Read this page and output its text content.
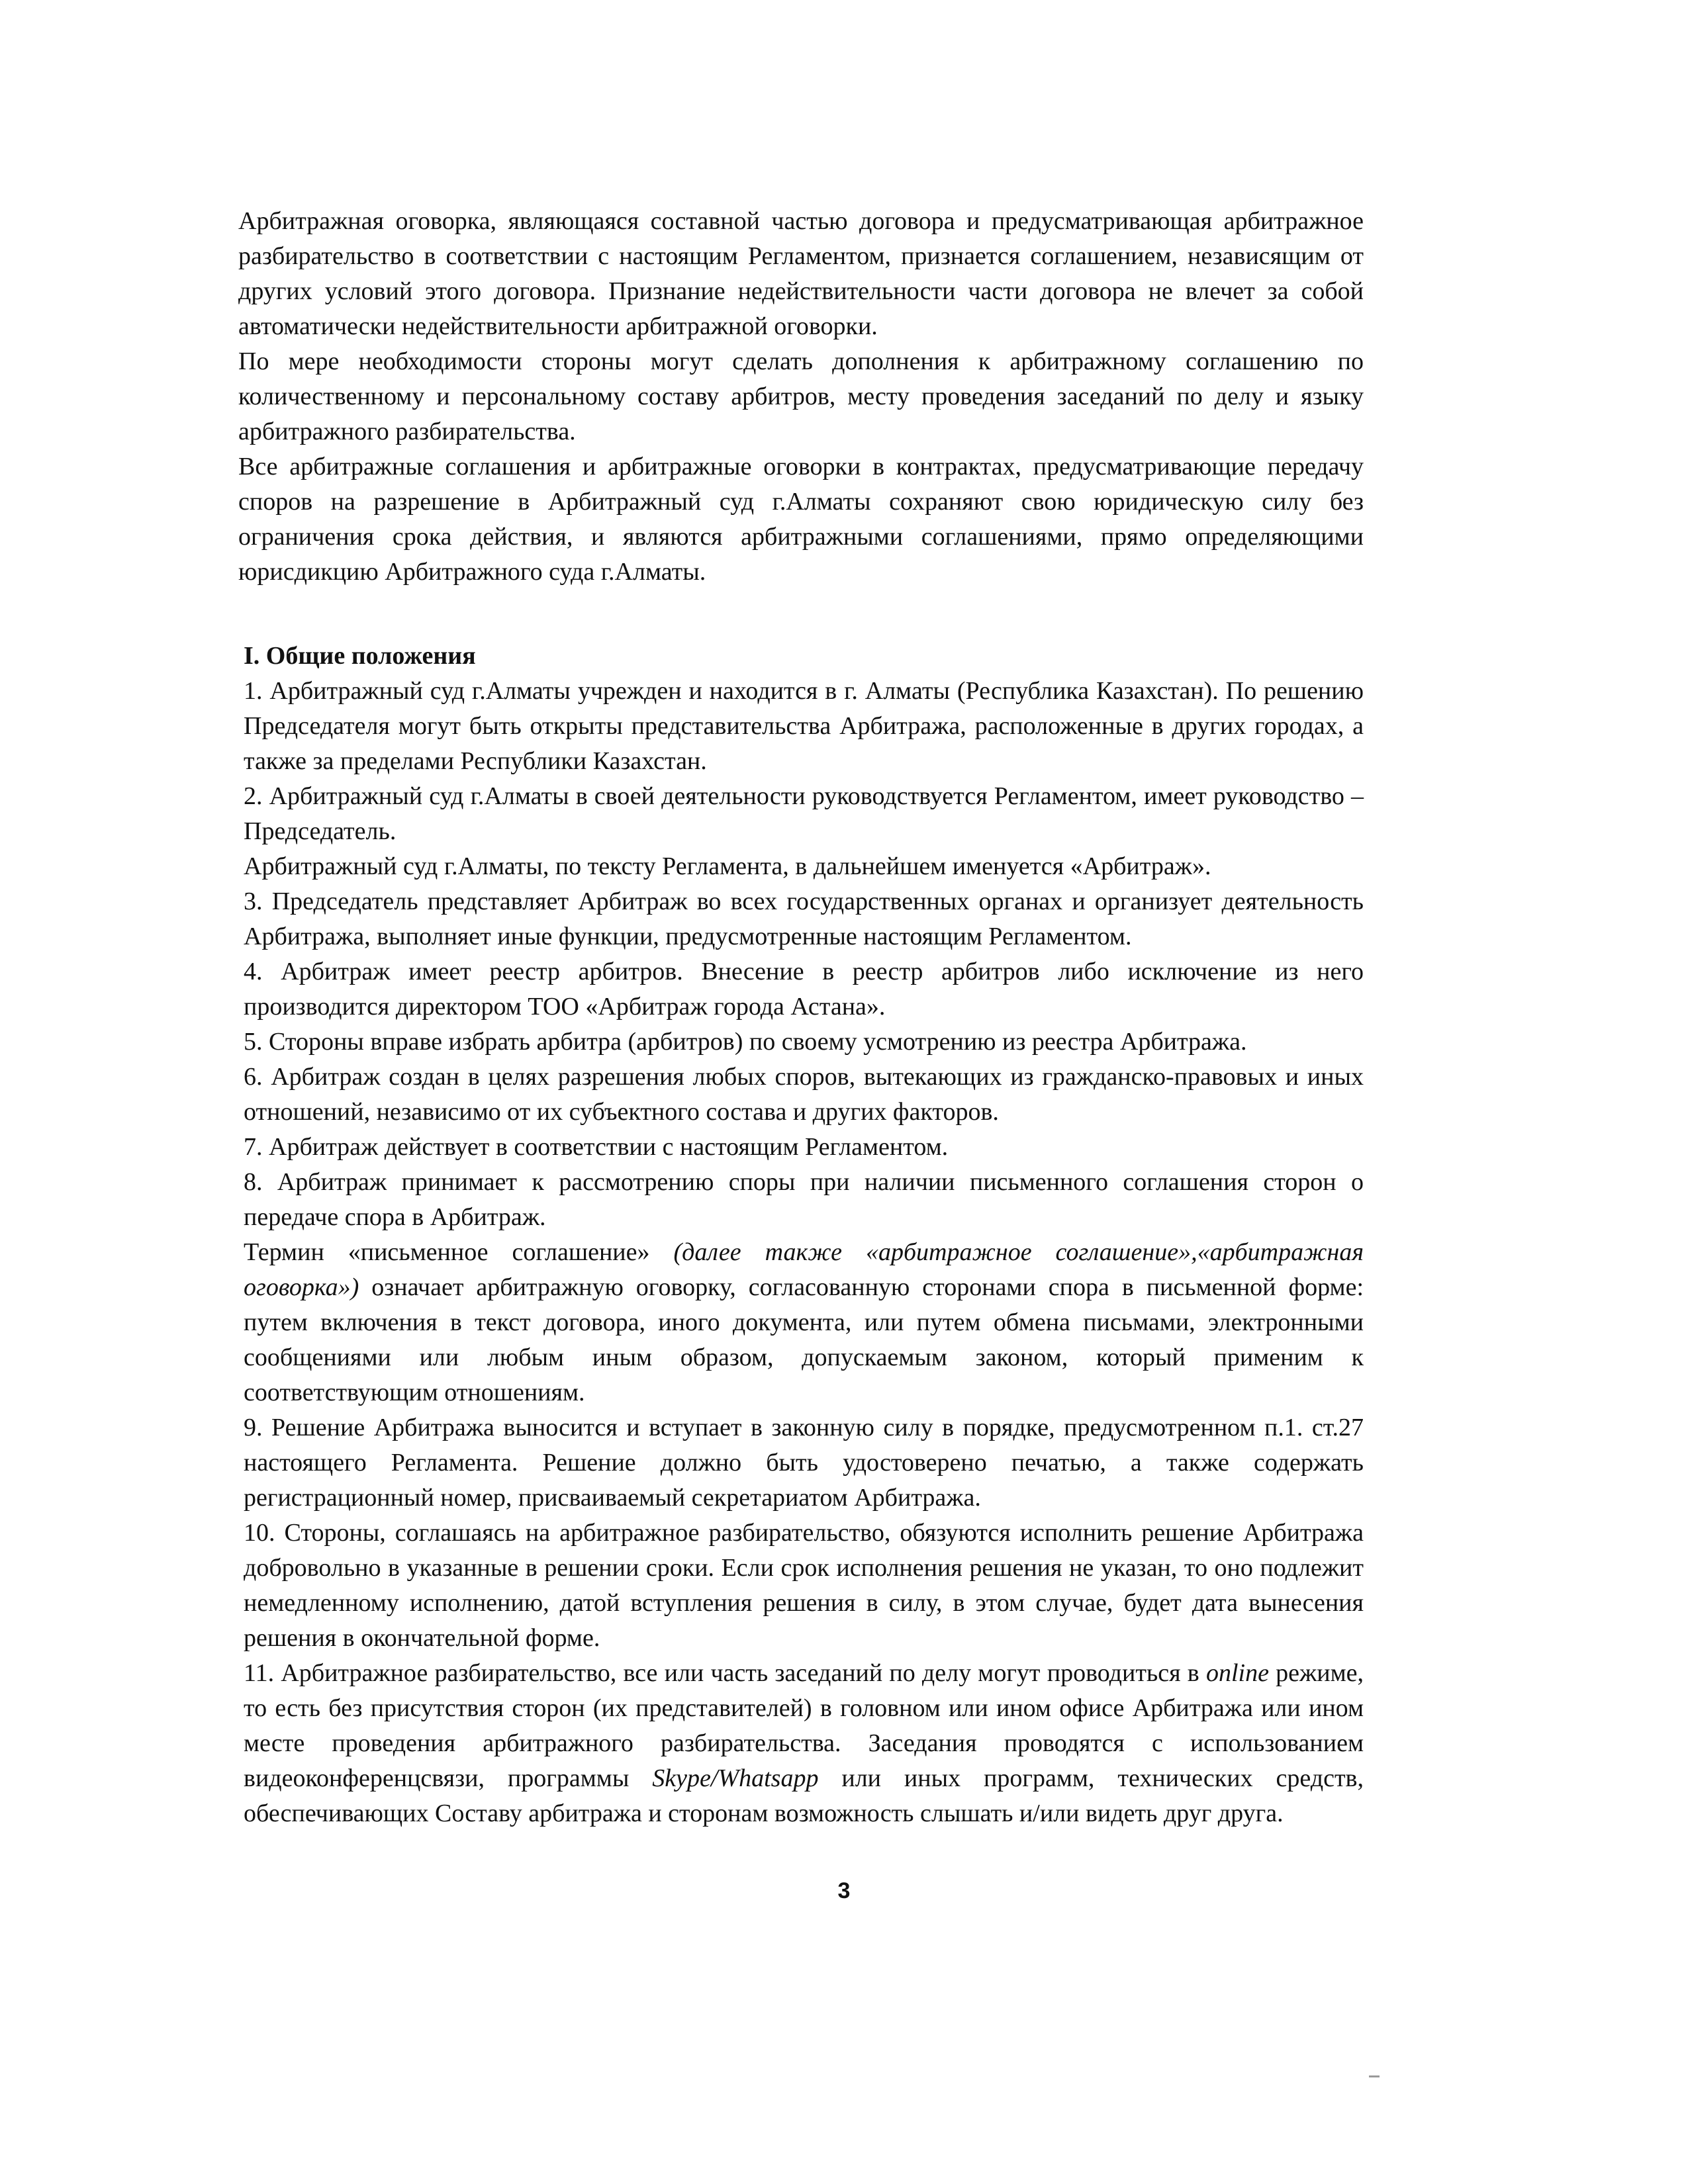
Арбитражная оговорка, являющаяся составной частью договора и предусматривающая арбитражное разбирательство в соответствии с настоящим Регламентом, признается соглашением, независящим от других условий этого договора. Признание недействительности части договора не влечет за собой автоматически недействительности арбитражной оговорки.

По мере необходимости стороны могут сделать дополнения к арбитражному соглашению по количественному и персональному составу арбитров, месту проведения заседаний по делу и языку арбитражного разбирательства.

Все арбитражные соглашения и арбитражные оговорки в контрактах, предусматривающие передачу споров на разрешение в Арбитражный суд г.Алматы сохраняют свою юридическую силу без ограничения срока действия, и являются арбитражными соглашениями, прямо определяющими юрисдикцию Арбитражного суда г.Алматы.

I. Общие положения

1. Арбитражный суд г.Алматы учрежден и находится в г. Алматы (Республика Казахстан). По решению Председателя могут быть открыты представительства Арбитража, расположенные в других городах, а также за пределами Республики Казахстан.

2. Арбитражный суд г.Алматы в своей деятельности руководствуется Регламентом, имеет руководство – Председатель.

Арбитражный суд г.Алматы, по тексту Регламента, в дальнейшем именуется «Арбитраж».

3. Председатель представляет Арбитраж во всех государственных органах и организует деятельность Арбитража, выполняет иные функции, предусмотренные настоящим Регламентом.

4. Арбитраж имеет реестр арбитров. Внесение в реестр арбитров либо исключение из него производится директором ТОО «Арбитраж города Астана».

5. Стороны вправе избрать арбитра (арбитров) по своему усмотрению из реестра Арбитража.

6. Арбитраж создан в целях разрешения любых споров, вытекающих из гражданско-правовых и иных отношений, независимо от их субъектного состава и других факторов.

7. Арбитраж действует в соответствии с настоящим Регламентом.

8. Арбитраж принимает к рассмотрению споры при наличии письменного соглашения сторон о передаче спора в Арбитраж.

Термин «письменное соглашение» (далее также «арбитражное соглашение»,«арбитражная оговорка») означает арбитражную оговорку, согласованную сторонами спора в письменной форме: путем включения в текст договора, иного документа, или путем обмена письмами, электронными сообщениями или любым иным образом, допускаемым законом, который применим к соответствующим отношениям.

9. Решение Арбитража выносится и вступает в законную силу в порядке, предусмотренном п.1. ст.27 настоящего Регламента. Решение должно быть удостоверено печатью, а также содержать регистрационный номер, присваиваемый секретариатом Арбитража.

10. Стороны, соглашаясь на арбитражное разбирательство, обязуются исполнить решение Арбитража добровольно в указанные в решении сроки. Если срок исполнения решения не указан, то оно подлежит немедленному исполнению, датой вступления решения в силу, в этом случае, будет дата вынесения решения в окончательной форме.

11. Арбитражное разбирательство, все или часть заседаний по делу могут проводиться в online режиме, то есть без присутствия сторон (их представителей) в головном или ином офисе Арбитража или ином месте проведения арбитражного разбирательства. Заседания проводятся с использованием видеоконференцсвязи, программы Skype/Whatsapp или иных программ, технических средств, обеспечивающих Составу арбитража и сторонам возможность слышать и/или видеть друг друга.

3
